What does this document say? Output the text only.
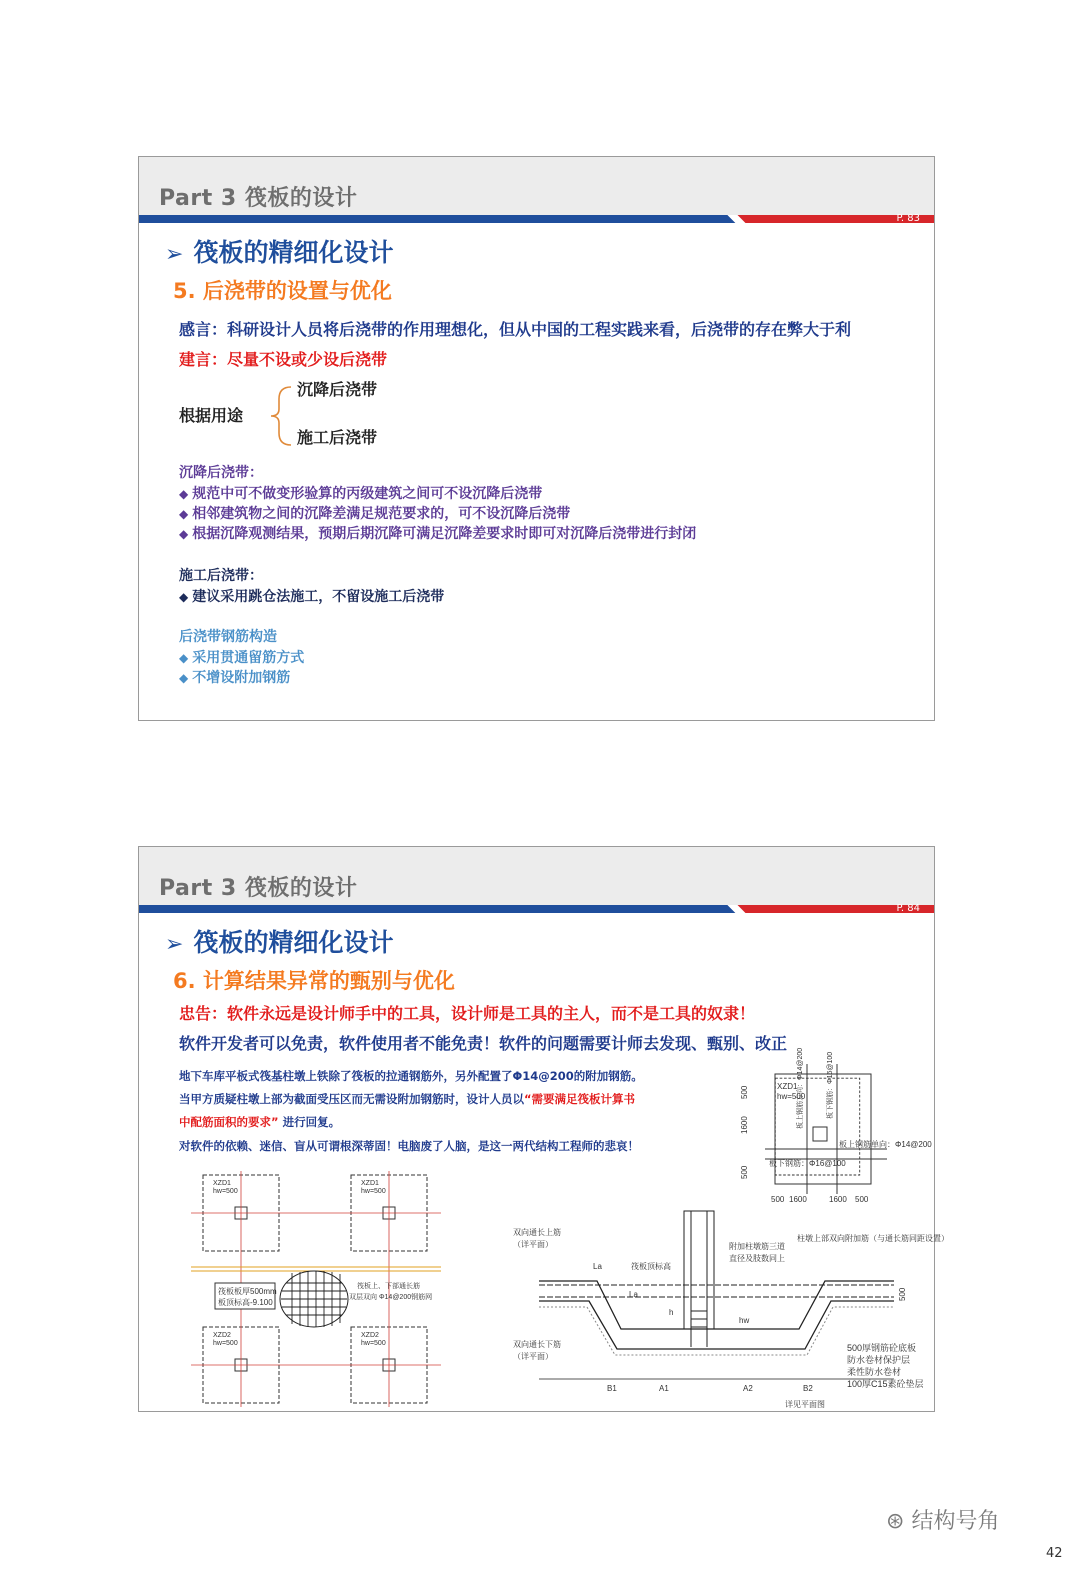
Part 3 筏板的设计
P. 83
➢ 筏板的精细化设计
5. 后浇带的设置与优化
感言：科研设计人员将后浇带的作用理想化，但从中国的工程实践来看，后浇带的存在弊大于利
建言：尽量不设或少设后浇带
根据用途
沉降后浇带
施工后浇带
沉降后浇带：
◆ 规范中可不做变形验算的丙级建筑之间可不设沉降后浇带
◆ 相邻建筑物之间的沉降差满足规范要求的，可不设沉降后浇带
◆ 根据沉降观测结果，预期后期沉降可满足沉降差要求时即可对沉降后浇带进行封闭
施工后浇带：
◆ 建议采用跳仓法施工，不留设施工后浇带
后浇带钢筋构造
◆ 采用贯通留筋方式
◆ 不增设附加钢筋
Part 3 筏板的设计
P. 84
➢ 筏板的精细化设计
6. 计算结果异常的甄别与优化
忠告：软件永远是设计师手中的工具，设计师是工具的主人，而不是工具的奴隶！
软件开发者可以免责，软件使用者不能免责！软件的问题需要计师去发现、甄别、改正
地下车库平板式筏基柱墩上铁除了筏板的拉通钢筋外，另外配置了Φ14@200的附加钢筋。
当甲方质疑柱墩上部为截面受压区而无需设附加钢筋时，设计人员以“需要满足筏板计算书
中配筋面积的要求” 进行回复。
对软件的依赖、迷信、盲从可谓根深蒂固！电脑废了人脑，是这一两代结构工程师的悲哀！
XZD1
hw=500
板上钢筋单向：Φ14@200
板下钢筋：Φ16@100
板上钢筋方向：Φ14@200	板下钢筋：Φ16@100
500
1600
500
500 1600	1600 500
筏板板厚500mm
板顶标高-9.100
筏板上、下部通长筋
双层双向 Φ14@200钢筋网
XZD1
hw=500
XZD1
hw=500
XZD2
hw=500
XZD2
hw=500
双向通长上筋
（详平面）
双向通长下筋
（详平面）
筏板顶标高
附加柱墩筋三道
直径及肢数同上
柱墩上部双向附加筋（与通长筋同距设置）
La
La
h
hw
500
B1	A1	A2	B2
详见平面图
500厚钢筋砼底板
防水卷材保护层
柔性防水卷材
100厚C15素砼垫层
⊛ 结构号角
42
